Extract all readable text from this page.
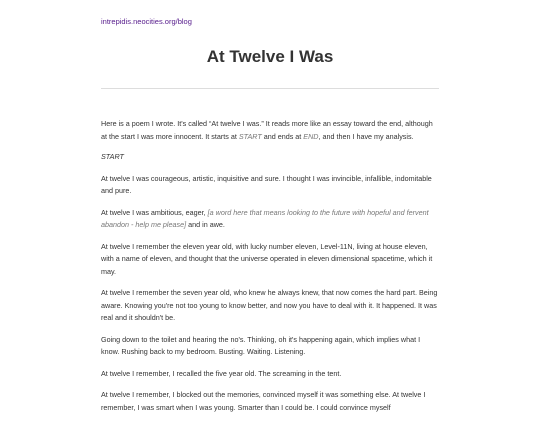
intrepidis.neocities.org/blog
At Twelve I Was

Here is a poem I wrote. It's called “At twelve I was.” It reads more like an essay toward the end, although at the start I was more innocent. It starts at START and ends at END, and then I have my analysis.

START

At twelve I was courageous, artistic, inquisitive and sure. I thought I was invincible, infallible, indomitable and pure.

At twelve I was ambitious, eager, [a word here that means looking to the future with hopeful and fervent abandon - help me please] and in awe.

At twelve I remember the eleven year old, with lucky number eleven, Level-11N, living at house eleven, with a name of eleven, and thought that the universe operated in eleven dimensional spacetime, which it may.

At twelve I remember the seven year old, who knew he always knew, that now comes the hard part. Being aware. Knowing you're not too young to know better, and now you have to deal with it. It happened. It was real and it shouldn't be.

Going down to the toilet and hearing the no's. Thinking, oh it's happening again, which implies what I know. Rushing back to my bedroom. Busting. Waiting. Listening.

At twelve I remember, I recalled the five year old. The screaming in the tent.

At twelve I remember, I blocked out the memories, convinced myself it was something else. At twelve I remember, I was smart when I was young. Smarter than I could be. I could convince myself
